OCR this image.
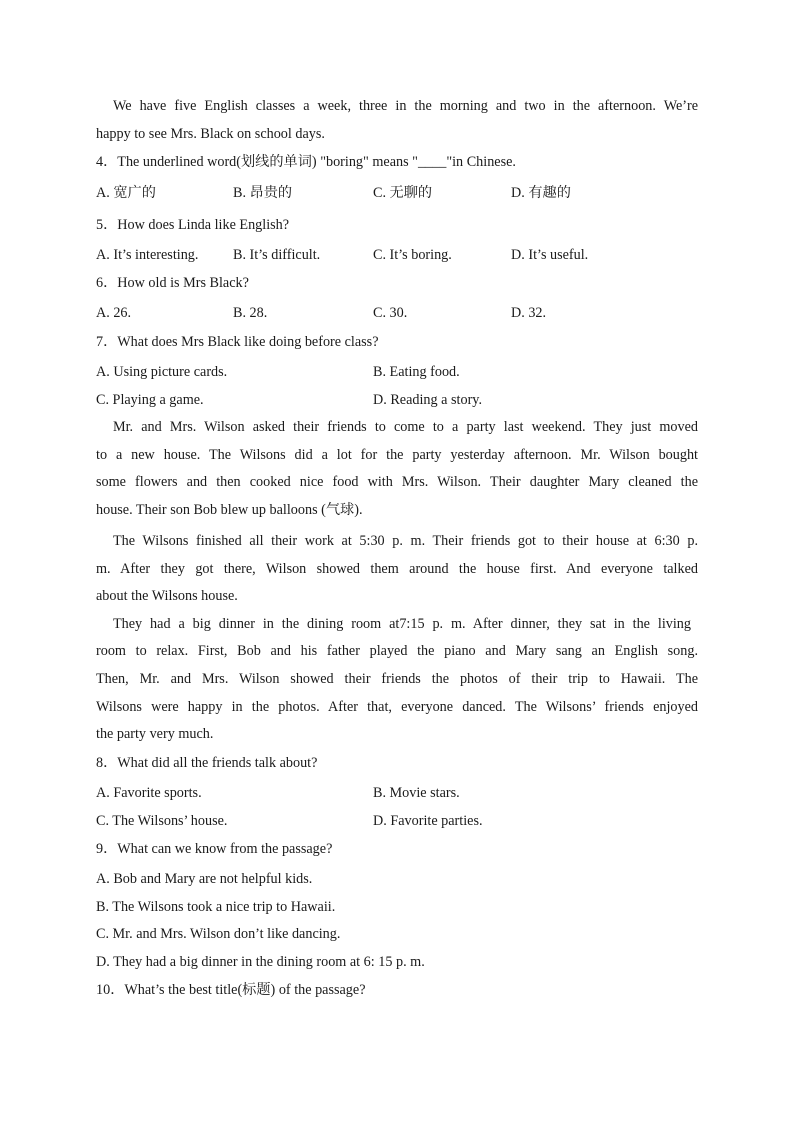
We have five English classes a week, three in the morning and two in the afternoon. We’re
happy to see Mrs. Black on school days.
4．The underlined word(划线的单词) "boring" means "____"in Chinese.
A. 宽广的	B. 昂贵的	C. 无聊的	D. 有趣的
5．How does Linda like English?
A. It’s interesting. B. It’s difficult.	C. It’s boring.	D. It’s useful.
6．How old is Mrs Black?
A. 26.	B. 28.	C. 30.	D. 32.
7．What does Mrs Black like doing before class?
A. Using picture cards.	B. Eating food.
C. Playing a game.	D. Reading a story.
Mr. and Mrs. Wilson asked their friends to come to a party last weekend. They just moved
to a new house. The Wilsons did a lot for the party yesterday afternoon. Mr. Wilson bought
some flowers and then cooked nice food with Mrs. Wilson. Their daughter Mary cleaned the
house. Their son Bob blew up balloons (气球).
The Wilsons finished all their work at 5:30 p. m. Their friends got to their house at 6:30 p.
m. After they got there, Wilson showed them around the house first. And everyone talked
about the Wilsons house.
They had a big dinner in the dining room at7:15 p. m. After dinner, they sat in the living
room to relax. First, Bob and his father played the piano and Mary sang an English song.
Then, Mr. and Mrs. Wilson showed their friends the photos of their trip to Hawaii. The
Wilsons were happy in the photos. After that, everyone danced. The Wilsons’ friends enjoyed
the party very much.
8．What did all the friends talk about?
A. Favorite sports.	B. Movie stars.
C. The Wilsons’ house.	D. Favorite parties.
9．What can we know from the passage?
A. Bob and Mary are not helpful kids.
B. The Wilsons took a nice trip to Hawaii.
C. Mr. and Mrs. Wilson don’t like dancing.
D. They had a big dinner in the dining room at 6: 15 p. m.
10．What’s the best title(标题) of the passage?
